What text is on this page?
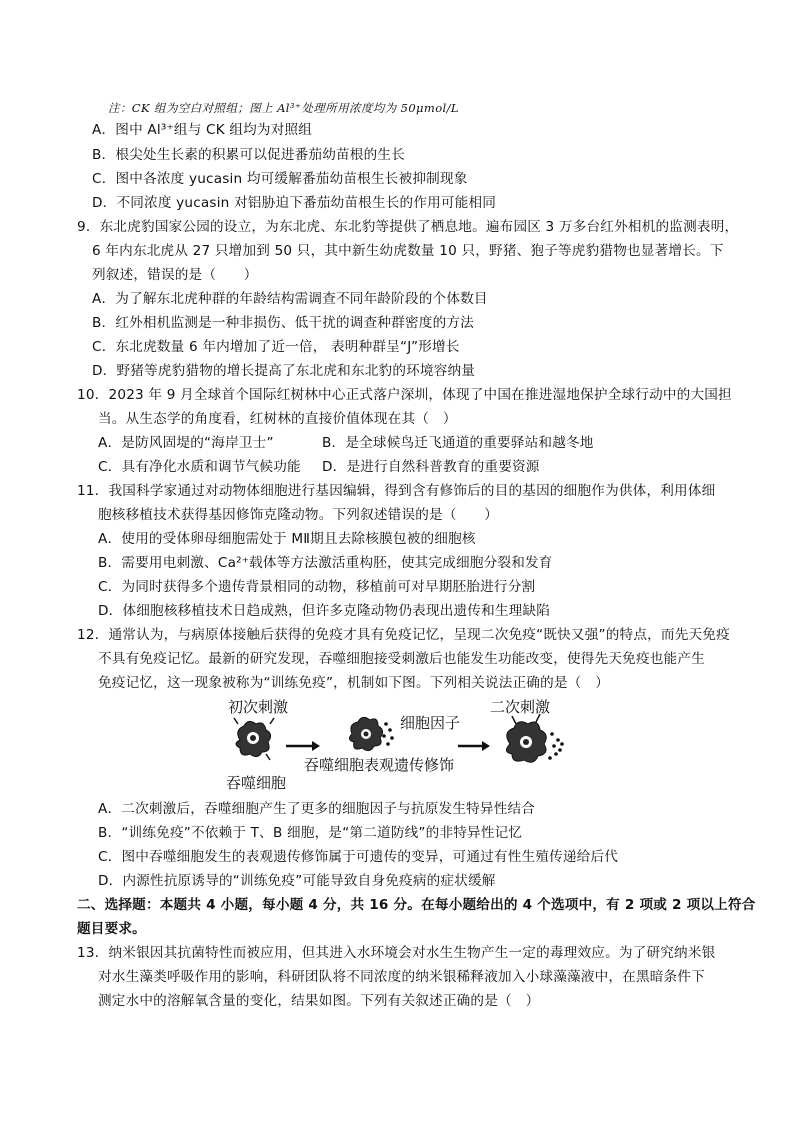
注：CK 组为空白对照组；图上 Al³⁺处理所用浓度均为 50μmol/L
A．图中 Al³⁺组与 CK 组均为对照组
B．根尖处生长素的积累可以促进番茄幼苗根的生长
C．图中各浓度 yucasin 均可缓解番茄幼苗根生长被抑制现象
D．不同浓度 yucasin 对铝胁迫下番茄幼苗根生长的作用可能相同
9．东北虎豹国家公园的设立，为东北虎、东北豹等提供了栖息地。遍布园区 3 万多台红外相机的监测表明，
6 年内东北虎从 27 只增加到 50 只，其中新生幼虎数量 10 只，野猪、狍子等虎豹猎物也显著增长。下
列叙述，错误的是（　　）
A．为了解东北虎种群的年龄结构需调查不同年龄阶段的个体数目
B．红外相机监测是一种非损伤、低干扰的调查种群密度的方法
C．东北虎数量 6 年内增加了近一倍， 表明种群呈“J”形增长
D．野猪等虎豹猎物的增长提高了东北虎和东北豹的环境容纳量
10．2023 年 9 月全球首个国际红树林中心正式落户深圳，体现了中国在推进湿地保护全球行动中的大国担
当。从生态学的角度看，红树林的直接价值体现在其（　）
A．是防风固堤的“海岸卫士”	B．是全球候鸟迁飞通道的重要驿站和越冬地
C．具有净化水质和调节气候功能 D．是进行自然科普教育的重要资源
11．我国科学家通过对动物体细胞进行基因编辑，得到含有修饰后的目的基因的细胞作为供体，利用体细
胞核移植技术获得基因修饰克隆动物。下列叙述错误的是（　　）
A．使用的受体卵母细胞需处于 MⅡ期且去除核膜包被的细胞核
B．需要用电刺激、Ca²⁺载体等方法激活重构胚，使其完成细胞分裂和发育
C．为同时获得多个遗传背景相同的动物，移植前可对早期胚胎进行分割
D．体细胞核移植技术日趋成熟，但许多克隆动物仍表现出遗传和生理缺陷
12．通常认为，与病原体接触后获得的免疫才具有免疫记忆，呈现二次免疫“既快又强”的特点，而先天免疫
不具有免疫记忆。最新的研究发现，吞噬细胞接受刺激后也能发生功能改变，使得先天免疫也能产生
免疫记忆，这一现象被称为“训练免疫”，机制如下图。下列相关说法正确的是（　）
初次刺激
细胞因子
二次刺激
吞噬细胞
吞噬细胞表观遗传修饰
A．二次刺激后，吞噬细胞产生了更多的细胞因子与抗原发生特异性结合
B．“训练免疫”不依赖于 T、B 细胞，是“第二道防线”的非特异性记忆
C．图中吞噬细胞发生的表观遗传修饰属于可遗传的变异，可通过有性生殖传递给后代
D．内源性抗原诱导的“训练免疫”可能导致自身免疫病的症状缓解
二、选择题：本题共 4 小题，每小题 4 分，共 16 分。在每小题给出的 4 个选项中，有 2 项或 2 项以上符合
题目要求。
13．纳米银因其抗菌特性而被应用，但其进入水环境会对水生生物产生一定的毒理效应。为了研究纳米银
对水生藻类呼吸作用的影响，科研团队将不同浓度的纳米银稀释液加入小球藻藻液中，在黑暗条件下
测定水中的溶解氧含量的变化，结果如图。下列有关叙述正确的是（　）
